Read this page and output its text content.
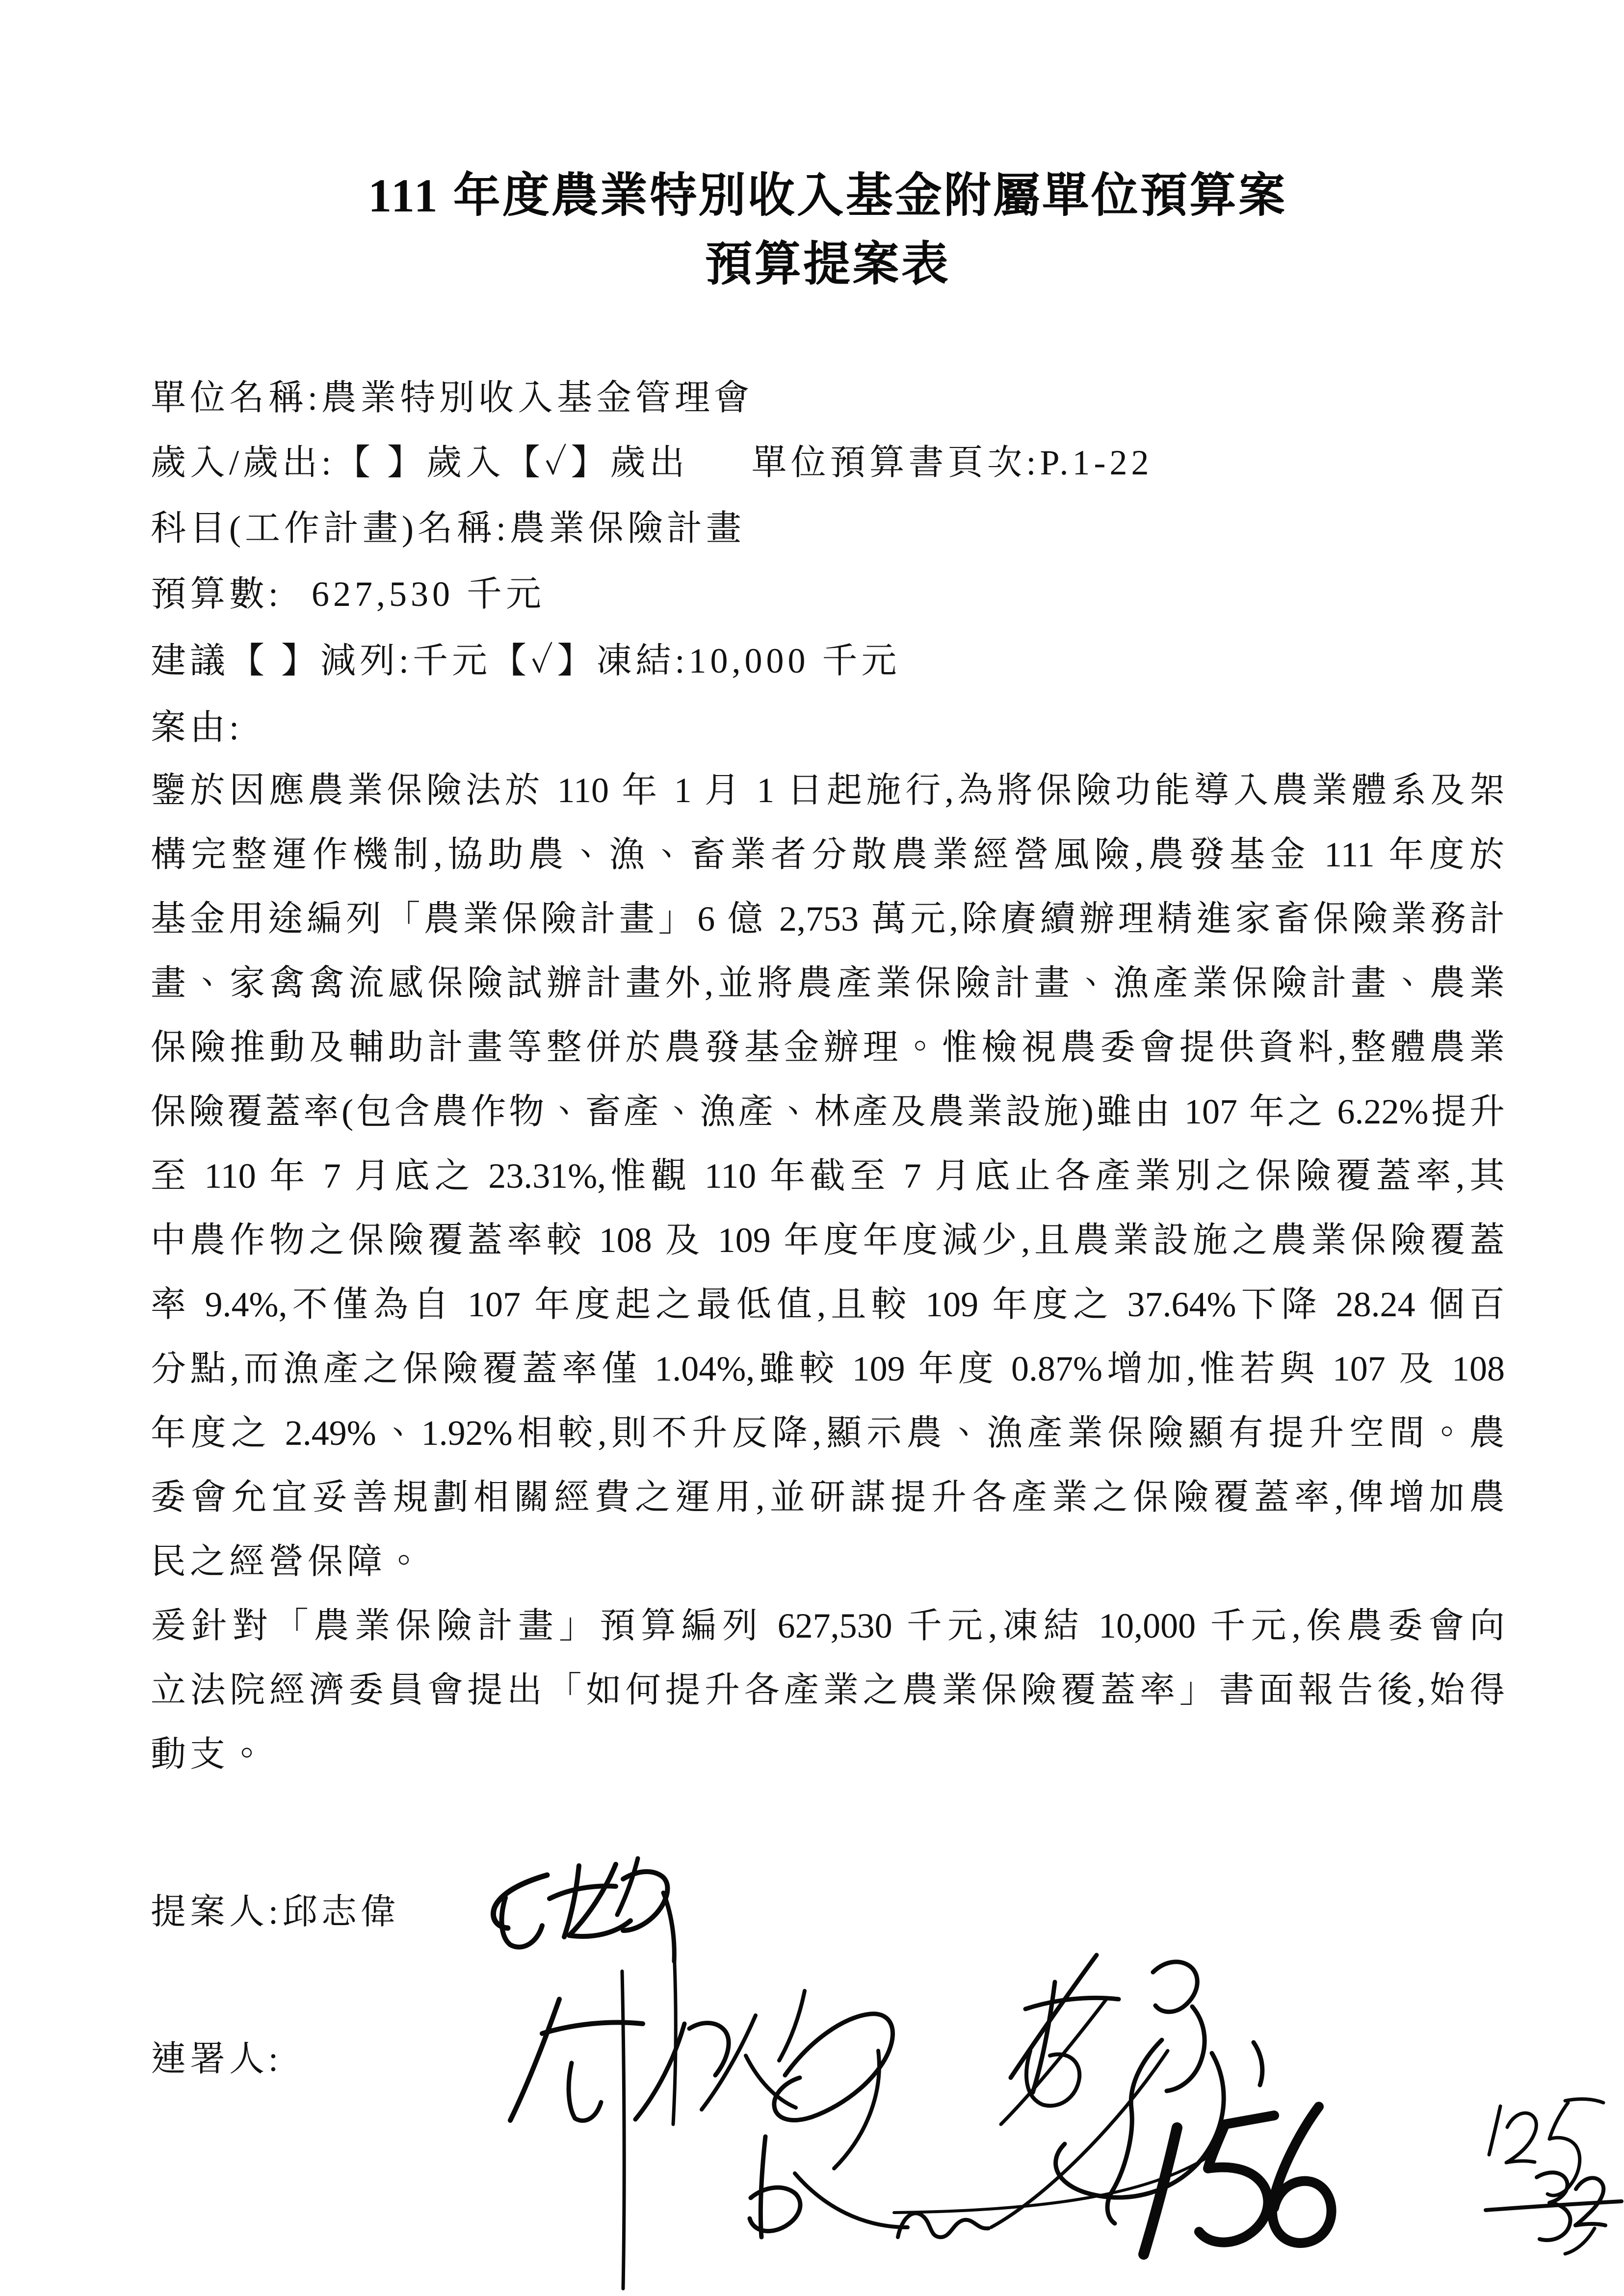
111 年度農業特別收入基金附屬單位預算案
預算提案表
單位名稱:農業特別收入基金管理會
歲入/歲出:【 】歲入【✓】歲出 單位預算書頁次:P.1-22
科目(工作計畫)名稱:農業保險計畫
預算數: 627,530 千元
建議【 】減列:千元【✓】凍結:10,000 千元
案由:
鑒於因應農業保險法於 110 年 1 月 1 日起施行,為將保險功能導入農業體系及架
構完整運作機制,協助農、漁、畜業者分散農業經營風險,農發基金 111 年度於
基金用途編列「農業保險計畫」6 億 2,753 萬元,除賡續辦理精進家畜保險業務計
畫、家禽禽流感保險試辦計畫外,並將農產業保險計畫、漁產業保險計畫、農業
保險推動及輔助計畫等整併於農發基金辦理。惟檢視農委會提供資料,整體農業
保險覆蓋率(包含農作物、畜產、漁產、林產及農業設施)雖由 107 年之 6.22%提升
至 110 年 7 月底之 23.31%,惟觀 110 年截至 7 月底止各產業別之保險覆蓋率,其
中農作物之保險覆蓋率較 108 及 109 年度年度減少,且農業設施之農業保險覆蓋
率 9.4%,不僅為自 107 年度起之最低值,且較 109 年度之 37.64%下降 28.24 個百
分點,而漁產之保險覆蓋率僅 1.04%,雖較 109 年度 0.87%增加,惟若與 107 及 108
年度之 2.49%、1.92%相較,則不升反降,顯示農、漁產業保險顯有提升空間。農
委會允宜妥善規劃相關經費之運用,並研謀提升各產業之保險覆蓋率,俾增加農
民之經營保障。
爰針對「農業保險計畫」預算編列 627,530 千元,凍結 10,000 千元,俟農委會向
立法院經濟委員會提出「如何提升各產業之農業保險覆蓋率」書面報告後,始得
動支。
提案人:邱志偉
連署人:
